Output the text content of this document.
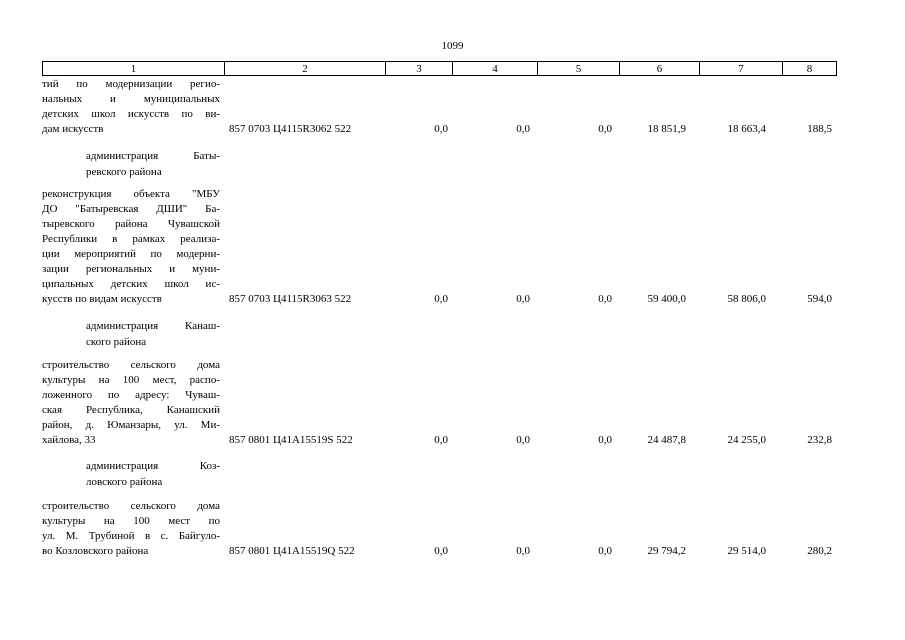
1099
1	2	3	4	5	6	7	8
тий по модернизации регио-
нальных и муниципальных
детских школ искусств по ви-
дам искусств	857 0703 Ц4115R3062 522	0,0	0,0	0,0	18 851,9	18 663,4	188,5
администрация Баты-
ревского района
реконструкция объекта "МБУ
ДО "Батыревская ДШИ" Ба-
тыревского района Чувашской
Республики в рамках реализа-
ции мероприятий по модерни-
зации региональных и муни-
ципальных детских школ ис-
кусств по видам искусств	857 0703 Ц4115R3063 522	0,0	0,0	0,0	59 400,0	58 806,0	594,0
администрация Канаш-
ского района
строительство сельского дома
культуры на 100 мест, распо-
ложенного по адресу: Чуваш-
ская Республика, Канашский
район, д. Юманзары, ул. Ми-
хайлова, 33	857 0801 Ц41А15519S 522	0,0	0,0	0,0	24 487,8	24 255,0	232,8
администрация Коз-
ловского района
строительство сельского дома
культуры на 100 мест по
ул. М. Трубиной в с. Байгуло-
во Козловского района	857 0801 Ц41А15519Q 522	0,0	0,0	0,0	29 794,2	29 514,0	280,2
